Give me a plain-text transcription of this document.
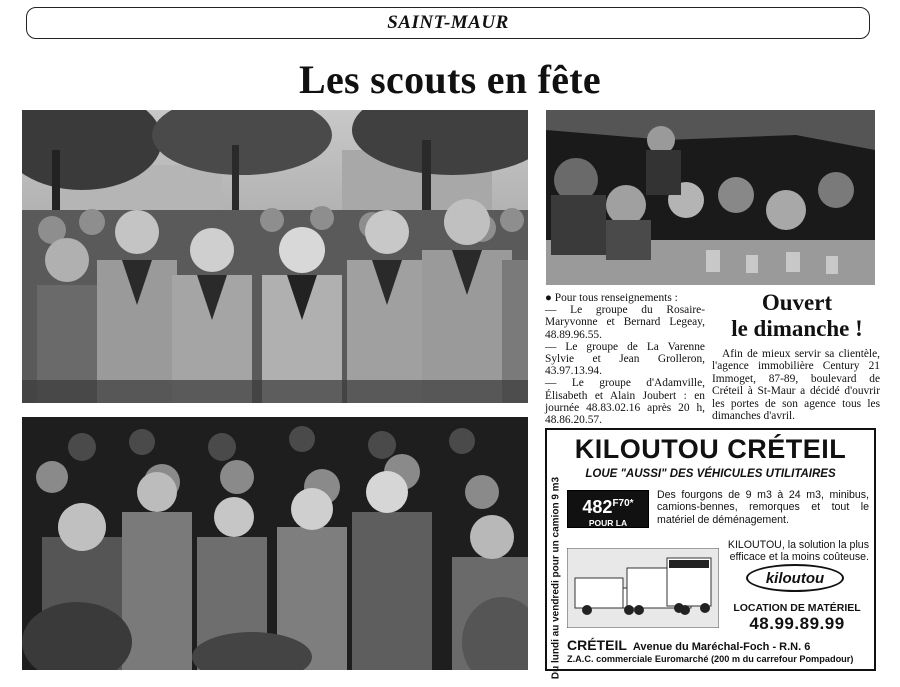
SAINT-MAUR
Les scouts en fête

● Pour tous renseignements :

— Le groupe du Rosaire-Maryvonne et Bernard Legeay, 48.89.96.55.

— Le groupe de La Varenne Sylvie et Jean Grolleron, 43.97.13.94.

— Le groupe d'Adamville, Élisabeth et Alain Joubert : en journée 48.83.02.16 après 20 h, 48.86.20.57.

Ouvert
le dimanche !

Afin de mieux servir sa clientèle, l'agence immobilière Century 21 Immoget, 87-89, boulevard de Créteil à St-Maur a décidé d'ouvrir les portes de son agence tous les dimanches d'avril.

KILOUTOU CRÉTEIL
LOUE "AUSSI" DES VÉHICULES UTILITAIRES
Du lundi au vendredi pour un camion 9 m3	$482^{F70*}$
POUR LA JOURNÉE

Des fourgons de 9 m3 à 24 m3, minibus, camions-bennes, remorques et tout le matériel de déménagement.

KILOUTOU, la solution la plus efficace et la moins coûteuse.

kiloutou
LOCATION DE MATÉRIEL
48.99.89.99
CRÉTEIL Avenue du Maréchal-Foch - R.N. 6
Z.A.C. commerciale Euromarché (200 m du carrefour Pompadour)
